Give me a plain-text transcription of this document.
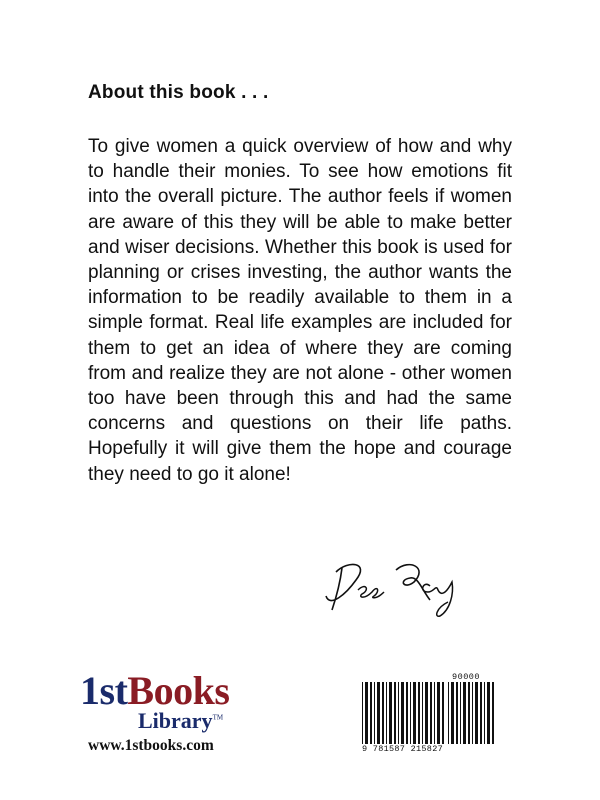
About this book . . .
To give women a quick overview of how and why to handle their monies. To see how emotions fit into the overall picture. The author feels if women are aware of this they will be able to make better and wiser decisions. Whether this book is used for planning or crises investing, the author wants the information to be readily available to them in a simple format. Real life examples are included for them to get an idea of where they are coming from and realize they are not alone - other women too have been through this and had the same concerns and questions on their life paths. Hopefully it will give them the hope and courage they need to go it alone!
1stBooks
Library™
www.1stbooks.com
90000
9 781587 215827
